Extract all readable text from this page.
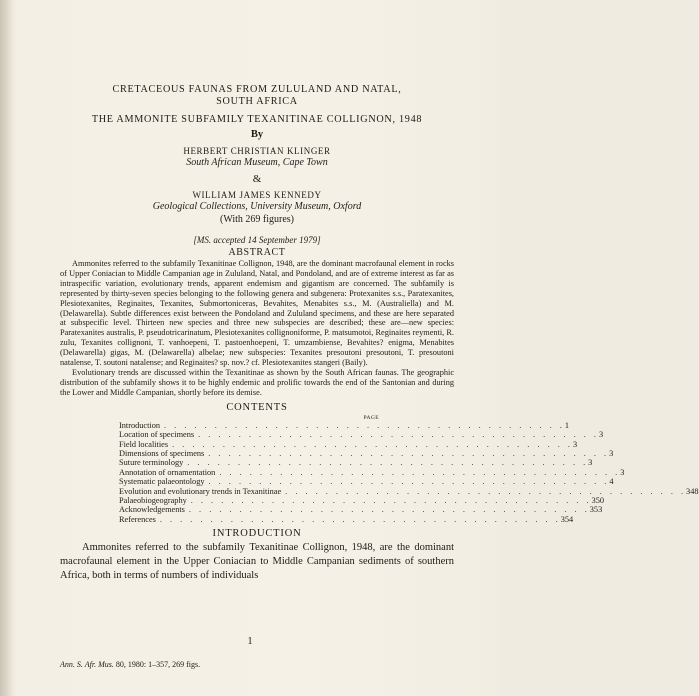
CRETACEOUS FAUNAS FROM ZULULAND AND NATAL,
SOUTH AFRICA
THE AMMONITE SUBFAMILY TEXANITINAE COLLIGNON, 1948
By
HERBERT CHRISTIAN KLINGER
South African Museum, Cape Town
&
WILLIAM JAMES KENNEDY
Geological Collections, University Museum, Oxford
(With 269 figures)
[MS. accepted 14 September 1979]
ABSTRACT

Ammonites referred to the subfamily Texanitinae Collignon, 1948, are the dominant macrofaunal element in rocks of Upper Coniacian to Middle Campanian age in Zululand, Natal, and Pondoland, and are of extreme interest as far as intraspecific variation, evolutionary trends, apparent endemism and gigantism are concerned. The subfamily is represented by thirty-seven species belonging to the following genera and subgenera: Protexanites s.s., Paratexanites, Plesiotexanites, Reginaites, Texanites, Submortoniceras, Bevahites, Menabites s.s., M. (Australiella) and M. (Delawarella). Subtle differences exist between the Pondoland and Zululand specimens, and these are here separated at subspecific level. Thirteen new species and three new subspecies are described; these are—new species: Paratexanites australis, P. pseudotricarinatum, Plesiotexanites collignoniforme, P. matsumotoi, Reginaites reymenti, R. zulu, Texanites collignoni, T. vanhoepeni, T. pastoenhoepeni, T. umzambiense, Bevahites? enigma, Menabites (Delawarella) gigas, M. (Delawarella) albelae; new subspecies: Texanites presoutoni presoutoni, T. presoutoni natalense, T. soutoni natalense; and Reginaites? sp. nov.? cf. Plesiotexanites stangeri (Baily).

Evolutionary trends are discussed within the Texanitinae as shown by the South African faunas. The geographic distribution of the subfamily shows it to be highly endemic and prolific towards the end of the Santonian and during the Lower and Middle Campanian, shortly before its demise.

CONTENTS
PAGE
Introduction . . . . . . . . . . . . . . . . . . . . . . . . . . . . . . . . . . . . . . . . 1
Location of specimens . . . . . . . . . . . . . . . . . . . . . . . . . . . . . . . . . . . . . . . . 3
Field localities . . . . . . . . . . . . . . . . . . . . . . . . . . . . . . . . . . . . . . . . 3
Dimensions of specimens . . . . . . . . . . . . . . . . . . . . . . . . . . . . . . . . . . . . . . . . 3
Suture terminology . . . . . . . . . . . . . . . . . . . . . . . . . . . . . . . . . . . . . . . . 3
Annotation of ornamentation . . . . . . . . . . . . . . . . . . . . . . . . . . . . . . . . . . . . . . . . 3
Systematic palaeontology . . . . . . . . . . . . . . . . . . . . . . . . . . . . . . . . . . . . . . . . 4
Evolution and evolutionary trends in Texanitinae . . . . . . . . . . . . . . . . . . . . . . . . . . . . . . . . . . . . . . . . 348
Palaeobiogeography . . . . . . . . . . . . . . . . . . . . . . . . . . . . . . . . . . . . . . . . 350
Acknowledgements . . . . . . . . . . . . . . . . . . . . . . . . . . . . . . . . . . . . . . . . 353
References . . . . . . . . . . . . . . . . . . . . . . . . . . . . . . . . . . . . . . . . 354
INTRODUCTION

Ammonites referred to the subfamily Texanitinae Collignon, 1948, are the dominant macrofaunal element in the Upper Coniacian to Middle Campanian sediments of southern Africa, both in terms of numbers of individuals

1
Ann. S. Afr. Mus. 80, 1980: 1–357, 269 figs.
